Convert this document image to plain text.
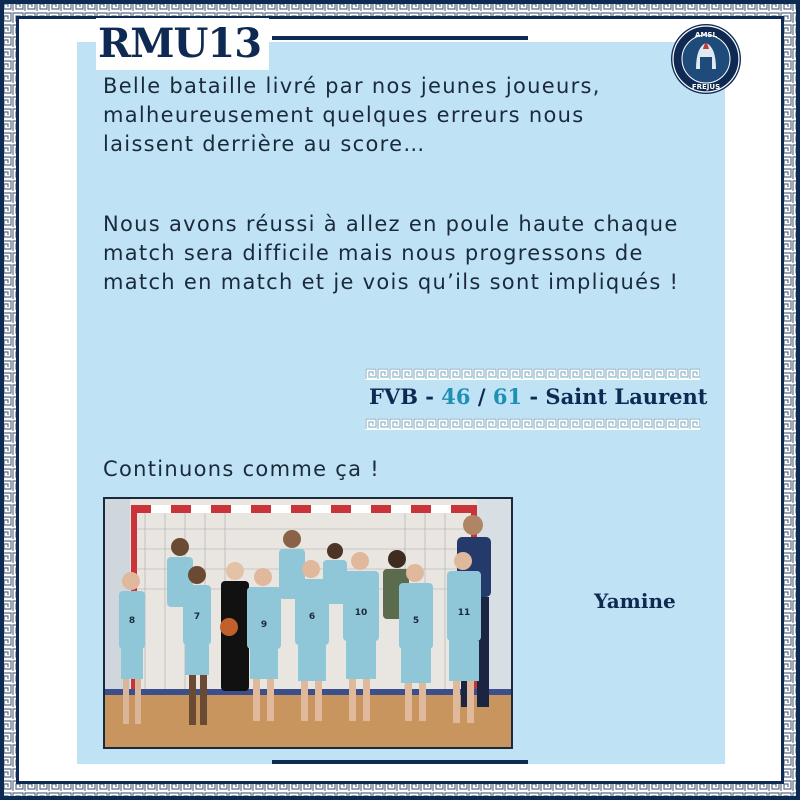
RMU13	AMSL
FRÉJUS

Belle bataille livré par nos jeunes joueurs, malheureusement quelques erreurs nous laissent derrière au score…

Nous avons réussi à allez en poule haute chaque match sera difficile mais nous progressons de match en match et je vois qu’ils sont impliqués !

FVB - 46 / 61 - Saint Laurent

Continuons comme ça !

8	7
9
6	10
5
11	Yamine
